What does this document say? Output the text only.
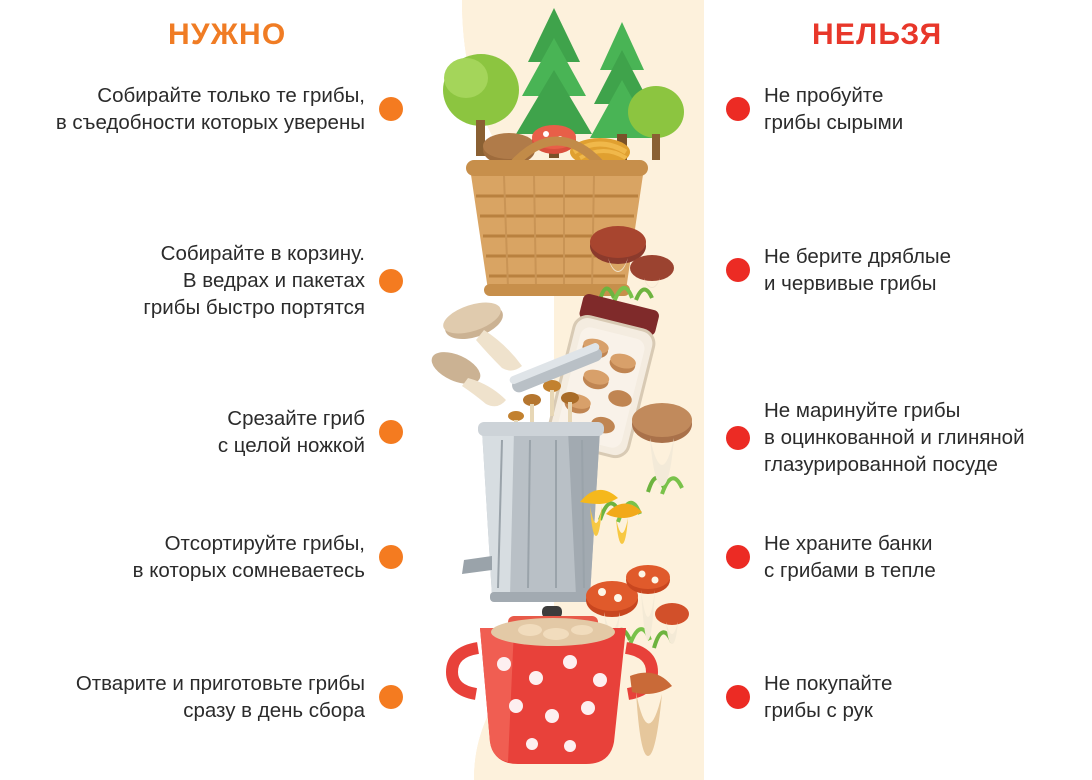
НУЖНО	НЕЛЬЗЯ
Собирайте только те грибы,
в съедобности которых уверены
Собирайте в корзину.
В ведрах и пакетах
грибы быстро портятся
Срезайте гриб
с целой ножкой
Отсортируйте грибы,
в которых сомневаетесь
Отварите и приготовьте грибы
сразу в день сбора
Не пробуйте
грибы сырыми
Не берите дряблые
и червивые грибы
Не маринуйте грибы
в оцинкованной и глиняной
глазурированной посуде
Не храните банки
с грибами в тепле
Не покупайте
грибы с рук
